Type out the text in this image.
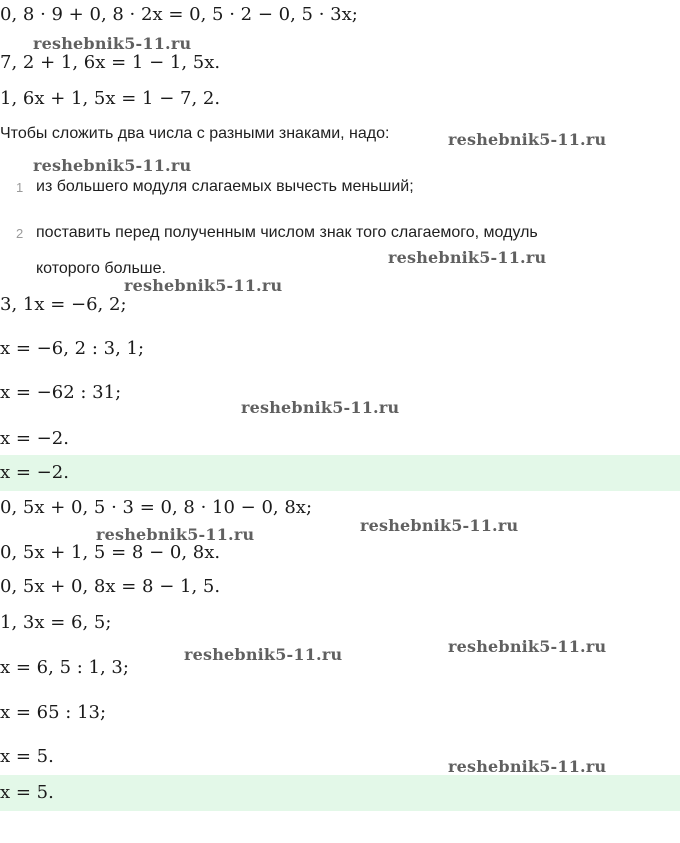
0, 8 · 9 + 0, 8 · 2x = 0, 5 · 2 − 0, 5 · 3x;
7, 2 + 1, 6x = 1 − 1, 5x.
1, 6x + 1, 5x = 1 − 7, 2.
Чтобы сложить два числа с разными знаками, надо:
1 из большего модуля слагаемых вычесть меньший;
2 поставить перед полученным числом знак того слагаемого, модуль
которого больше.
3, 1x = −6, 2;
x = −6, 2 : 3, 1;
x = −62 : 31;
x = −2.
x = −2.
0, 5x + 0, 5 · 3 = 0, 8 · 10 − 0, 8x;
0, 5x + 1, 5 = 8 − 0, 8x.
0, 5x + 0, 8x = 8 − 1, 5.
1, 3x = 6, 5;
x = 6, 5 : 1, 3;
x = 65 : 13;
x = 5.
x = 5.
reshebnik5-11.ru
reshebnik5-11.ru
reshebnik5-11.ru
reshebnik5-11.ru
reshebnik5-11.ru
reshebnik5-11.ru
reshebnik5-11.ru
reshebnik5-11.ru
reshebnik5-11.ru
reshebnik5-11.ru
reshebnik5-11.ru
